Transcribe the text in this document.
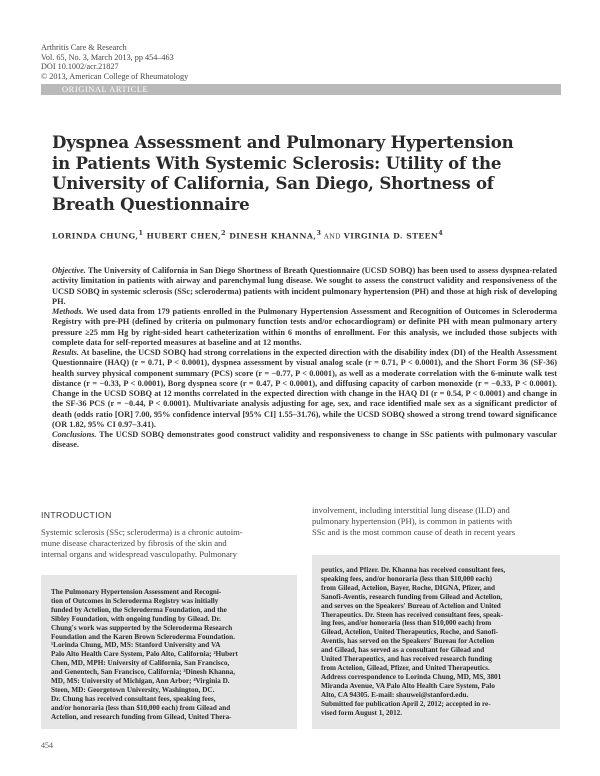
Arthritis Care & Research
Vol. 65, No. 3, March 2013, pp 454–463
DOI 10.1002/acr.21827
© 2013, American College of Rheumatology
ORIGINAL ARTICLE
Dyspnea Assessment and Pulmonary Hypertension
in Patients With Systemic Sclerosis: Utility of the
University of California, San Diego, Shortness of
Breath Questionnaire
LORINDA CHUNG,$^1$ HUBERT CHEN,$^2$ DINESH KHANNA,$^3$ AND VIRGINIA D. STEEN$^4$

Objective. The University of California in San Diego Shortness of Breath Questionnaire (UCSD SOBQ) has been used to assess dyspnea-related activity limitation in patients with airway and parenchymal lung disease. We sought to assess the construct validity and responsiveness of the UCSD SOBQ in systemic sclerosis (SSc; scleroderma) patients with incident pulmonary hypertension (PH) and those at high risk of developing PH.

Methods. We used data from 179 patients enrolled in the Pulmonary Hypertension Assessment and Recognition of Outcomes in Scleroderma Registry with pre-PH (defined by criteria on pulmonary function tests and/or echocardiogram) or definite PH with mean pulmonary artery pressure ≥25 mm Hg by right-sided heart catheterization within 6 months of enrollment. For this analysis, we included those subjects with complete data for self-reported measures at baseline and at 12 months.

Results. At baseline, the UCSD SOBQ had strong correlations in the expected direction with the disability index (DI) of the Health Assessment Questionnaire (HAQ) (r = 0.71, P < 0.0001), dyspnea assessment by visual analog scale (r = 0.71, P < 0.0001), and the Short Form 36 (SF-36) health survey physical component summary (PCS) score (r = −0.77, P < 0.0001), as well as a moderate correlation with the 6-minute walk test distance (r = −0.33, P < 0.0001), Borg dyspnea score (r = 0.47, P < 0.0001), and diffusing capacity of carbon monoxide (r = −0.33, P < 0.0001). Change in the UCSD SOBQ at 12 months correlated in the expected direction with change in the HAQ DI (r = 0.54, P < 0.0001) and change in the SF-36 PCS (r = −0.44, P < 0.0001). Multivariate analysis adjusting for age, sex, and race identified male sex as a significant predictor of death (odds ratio [OR] 7.00, 95% confidence interval [95% CI] 1.55–31.76), while the UCSD SOBQ showed a strong trend toward significance (OR 1.82, 95% CI 0.97–3.41).

Conclusions. The UCSD SOBQ demonstrates good construct validity and responsiveness to change in SSc patients with pulmonary vascular disease.

INTRODUCTION
Systemic sclerosis (SSc; scleroderma) is a chronic autoim-
mune disease characterized by fibrosis of the skin and
internal organs and widespread vasculopathy. Pulmonary
involvement, including interstitial lung disease (ILD) and
pulmonary hypertension (PH), is common in patients with
SSc and is the most common cause of death in recent years
The Pulmonary Hypertension Assessment and Recogni-
tion of Outcomes in Scleroderma Registry was initially
funded by Actelion, the Scleroderma Foundation, and the
Sibley Foundation, with ongoing funding by Gilead. Dr.
Chung's work was supported by the Scleroderma Research
Foundation and the Karen Brown Scleroderma Foundation.
¹Lorinda Chung, MD, MS: Stanford University and VA
Palo Alto Health Care System, Palo Alto, California; ²Hubert
Chen, MD, MPH: University of California, San Francisco,
and Genentech, San Francisco, California; ³Dinesh Khanna,
MD, MS: University of Michigan, Ann Arbor; ⁴Virginia D.
Steen, MD: Georgetown University, Washington, DC.
Dr. Chung has received consultant fees, speaking fees,
and/or honoraria (less than $10,000 each) from Gilead and
Actelion, and research funding from Gilead, United Thera-
peutics, and Pfizer. Dr. Khanna has received consultant fees,
speaking fees, and/or honoraria (less than $10,000 each)
from Gilead, Actelion, Bayer, Roche, DIGNA, Pfizer, and
Sanofi-Aventis, research funding from Gilead and Actelion,
and serves on the Speakers' Bureau of Actelion and United
Therapeutics. Dr. Steen has received consultant fees, speak-
ing fees, and/or honoraria (less than $10,000 each) from
Gilead, Actelion, United Therapeutics, Roche, and Sanofi-
Aventis, has served on the Speakers' Bureau for Actelion
and Gilead, has served as a consultant for Gilead and
United Therapeutics, and has received research funding
from Actelion, Gilead, Pfizer, and United Therapeutics.
Address correspondence to Lorinda Chung, MD, MS, 3801
Miranda Avenue, VA Palo Alto Health Care System, Palo
Alto, CA 94305. E-mail: shauwei@stanford.edu.
Submitted for publication April 2, 2012; accepted in re-
vised form August 1, 2012.
454
